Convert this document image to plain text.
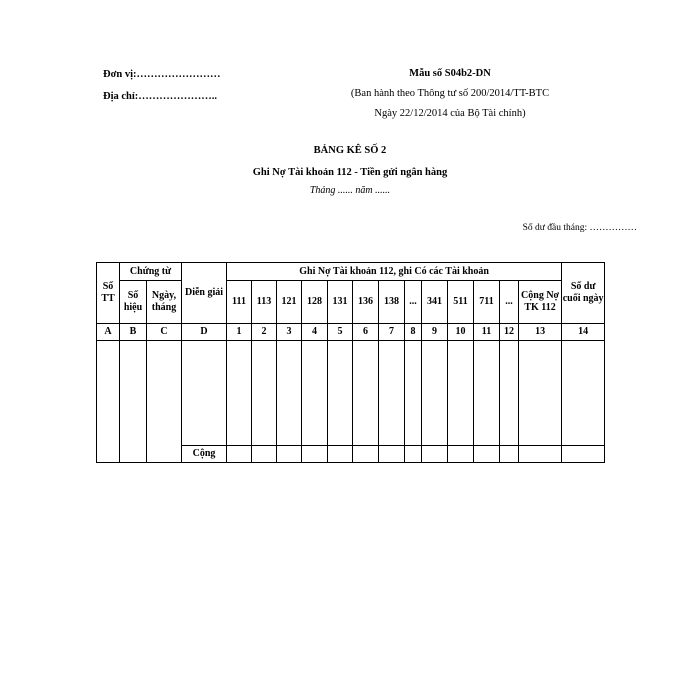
Đơn vị:……………………
Địa chỉ:…………………..
Mẫu số S04b2-DN
(Ban hành theo Thông tư số 200/2014/TT-BTC
Ngày 22/12/2014 của Bộ Tài chính)
BẢNG KÊ SỐ 2
Ghi Nợ Tài khoản 112 - Tiền gửi ngân hàng
Tháng ...... năm ......
Số dư đầu tháng: ……………
Số TT	Chứng từ		Diễn giải	Ghi Nợ Tài khoản 112, ghi Có các Tài khoản													Số dư cuối ngày
	Số hiệu	Ngày, tháng		111	113	121	128	131	136	138	...	341	511	711	...	Cộng Nợ TK 112	
A	B	C	D	1	2	3	4	5	6	7	8	9	10	11	12	13	14

			Cộng														
